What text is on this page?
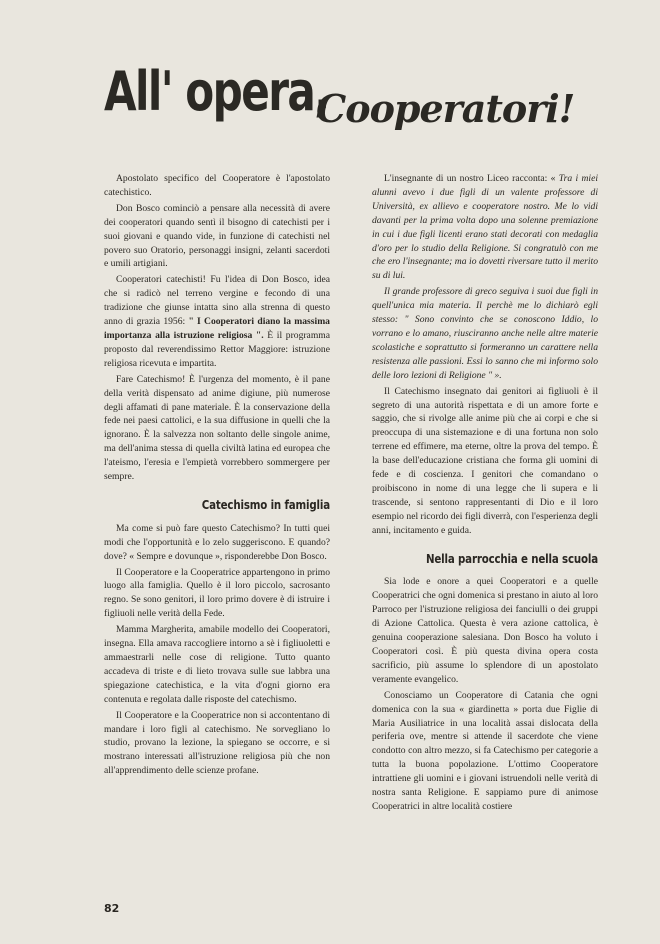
All' opera,
Cooperatori!

Apostolato specifico del Cooperatore è l'apostolato catechistico.

Don Bosco cominciò a pensare alla necessità di avere dei cooperatori quando sentì il bisogno di catechisti per i suoi giovani e quando vide, in funzione di catechisti nel povero suo Oratorio, personaggi insigni, zelanti sacerdoti e umili artigiani.

Cooperatori catechisti! Fu l'idea di Don Bosco, idea che si radicò nel terreno vergine e fecondo di una tradizione che giunse intatta sino alla strenna di questo anno di grazia 1956: " I Cooperatori diano la massima importanza alla istruzione religiosa ". È il programma proposto dal reverendissimo Rettor Maggiore: istruzione religiosa ricevuta e impartita.

Fare Catechismo! È l'urgenza del momento, è il pane della verità dispensato ad anime digiune, più numerose degli affamati di pane materiale. È la conservazione della fede nei paesi cattolici, e la sua diffusione in quelli che la ignorano. È la salvezza non soltanto delle singole anime, ma dell'anima stessa di quella civiltà latina ed europea che l'ateismo, l'eresia e l'empietà vorrebbero sommergere per sempre.

Catechismo in famiglia

Ma come si può fare questo Catechismo? In tutti quei modi che l'opportunità e lo zelo suggeriscono. E quando? dove? « Sempre e dovunque », risponderebbe Don Bosco.

Il Cooperatore e la Cooperatrice appartengono in primo luogo alla famiglia. Quello è il loro piccolo, sacrosanto regno. Se sono genitori, il loro primo dovere è di istruire i figliuoli nelle verità della Fede.

Mamma Margherita, amabile modello dei Cooperatori, insegna. Ella amava raccogliere intorno a sè i figliuoletti e ammaestrarli nelle cose di religione. Tutto quanto accadeva di triste e di lieto trovava sulle sue labbra una spiegazione catechistica, e la vita d'ogni giorno era contenuta e regolata dalle risposte del catechismo.

Il Cooperatore e la Cooperatrice non si accontentano di mandare i loro figli al catechismo. Ne sorvegliano lo studio, provano la lezione, la spiegano se occorre, e si mostrano interessati all'istruzione religiosa più che non all'apprendimento delle scienze profane.

L'insegnante di un nostro Liceo racconta: « Tra i miei alunni avevo i due figli di un valente professore di Università, ex allievo e cooperatore nostro. Me lo vidi davanti per la prima volta dopo una solenne premiazione in cui i due figli licenti erano stati decorati con medaglia d'oro per lo studio della Religione. Si congratulò con me che ero l'insegnante; ma io dovetti riversare tutto il merito su di lui.

Il grande professore di greco seguiva i suoi due figli in quell'unica mia materia. Il perchè me lo dichiarò egli stesso: " Sono convinto che se conoscono Iddio, lo vorrano e lo amano, riusciranno anche nelle altre materie scolastiche e soprattutto si formeranno un carattere nella resistenza alle passioni. Essi lo sanno che mi informo solo delle loro lezioni di Religione " ».

Il Catechismo insegnato dai genitori ai figliuoli è il segreto di una autorità rispettata e di un amore forte e saggio, che si rivolge alle anime più che ai corpi e che si preoccupa di una sistemazione e di una fortuna non solo terrene ed effimere, ma eterne, oltre la prova del tempo. È la base dell'educazione cristiana che forma gli uomini di fede e di coscienza. I genitori che comandano o proibiscono in nome di una legge che li supera e li trascende, si sentono rappresentanti di Dio e il loro esempio nel ricordo dei figli diverrà, con l'esperienza degli anni, incitamento e guida.

Nella parrocchia e nella scuola

Sia lode e onore a quei Cooperatori e a quelle Cooperatrici che ogni domenica si prestano in aiuto al loro Parroco per l'istruzione religiosa dei fanciulli o dei gruppi di Azione Cattolica. Questa è vera azione cattolica, è genuina cooperazione salesiana. Don Bosco ha voluto i Cooperatori così. È più questa divina opera costa sacrificio, più assume lo splendore di un apostolato veramente evangelico.

Conosciamo un Cooperatore di Catania che ogni domenica con la sua « giardinetta » porta due Figlie di Maria Ausiliatrice in una località assai dislocata della periferia ove, mentre si attende il sacerdote che viene condotto con altro mezzo, si fa Catechismo per categorie a tutta la buona popolazione. L'ottimo Cooperatore intrattiene gli uomini e i giovani istruendoli nelle verità di nostra santa Religione. E sappiamo pure di animose Cooperatrici in altre località costiere

82
